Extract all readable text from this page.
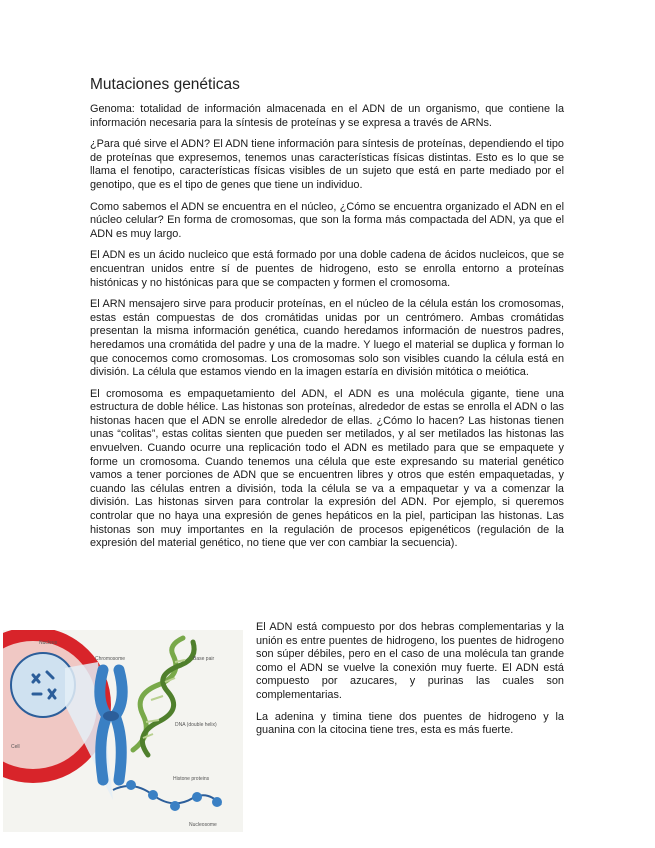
Mutaciones genéticas

Genoma: totalidad de información almacenada en el ADN de un organismo, que contiene la información necesaria para la síntesis de proteínas y se expresa a través de ARNs.

¿Para qué sirve el ADN? El ADN tiene información para síntesis de proteínas, dependiendo el tipo de proteínas que expresemos, tenemos unas características físicas distintas. Esto es lo que se llama el fenotipo, características físicas visibles de un sujeto que está en parte mediado por el genotipo, que es el tipo de genes que tiene un individuo.

Como sabemos el ADN se encuentra en el núcleo, ¿Cómo se encuentra organizado el ADN en el núcleo celular? En forma de cromosomas, que son la forma más compactada del ADN, ya que el ADN es muy largo.

El ADN es un ácido nucleico que está formado por una doble cadena de ácidos nucleicos, que se encuentran unidos entre sí de puentes de hidrogeno, esto se enrolla entorno a proteínas histónicas y no histónicas para que se compacten y formen el cromosoma.

El ARN mensajero sirve para producir proteínas, en el núcleo de la célula están los cromosomas, estas están compuestas de dos cromátidas unidas por un centrómero. Ambas cromátidas presentan la misma información genética, cuando heredamos información de nuestros padres, heredamos una cromátida del padre y una de la madre. Y luego el material se duplica y forman lo que conocemos como cromosomas. Los cromosomas solo son visibles cuando la célula está en división. La célula que estamos viendo en la imagen estaría en división mitótica o meiótica.

El cromosoma es empaquetamiento del ADN, el ADN es una molécula gigante, tiene una estructura de doble hélice. Las histonas son proteínas, alrededor de estas se enrolla el ADN o las histonas hacen que el ADN se enrolle alrededor de ellas. ¿Cómo lo hacen? Las histonas tienen unas “colitas”, estas colitas sienten que pueden ser metilados, y al ser metilados las histonas las envuelven. Cuando ocurre una replicación todo el ADN es metilado para que se empaquete y forme un cromosoma. Cuando tenemos una célula que este expresando su material genético vamos a tener porciones de ADN que se encuentren libres y otros que estén empaquetadas, y cuando las células entren a división, toda la célula se va a empaquetar y va a comenzar la división. Las histonas sirven para controlar la expresión del ADN. Por ejemplo, si queremos controlar que no haya una expresión de genes hepáticos en la piel, participan las histonas. Las histonas son muy importantes en la regulación de procesos epigenéticos (regulación de la expresión del material genético, no tiene que ver con cambiar la secuencia).

Nucleus
Chromosome	Base pair
DNA (double helix)
Histone proteins
Cell
Nucleosome

El ADN está compuesto por dos hebras complementarias y la unión es entre puentes de hidrogeno, los puentes de hidrogeno son súper débiles, pero en el caso de una molécula tan grande como el ADN se vuelve la conexión muy fuerte. El ADN está compuesto por azucares, y purinas las cuales son complementarias.

La adenina y timina tiene dos puentes de hidrogeno y la guanina con la citocina tiene tres, esta es más fuerte.
